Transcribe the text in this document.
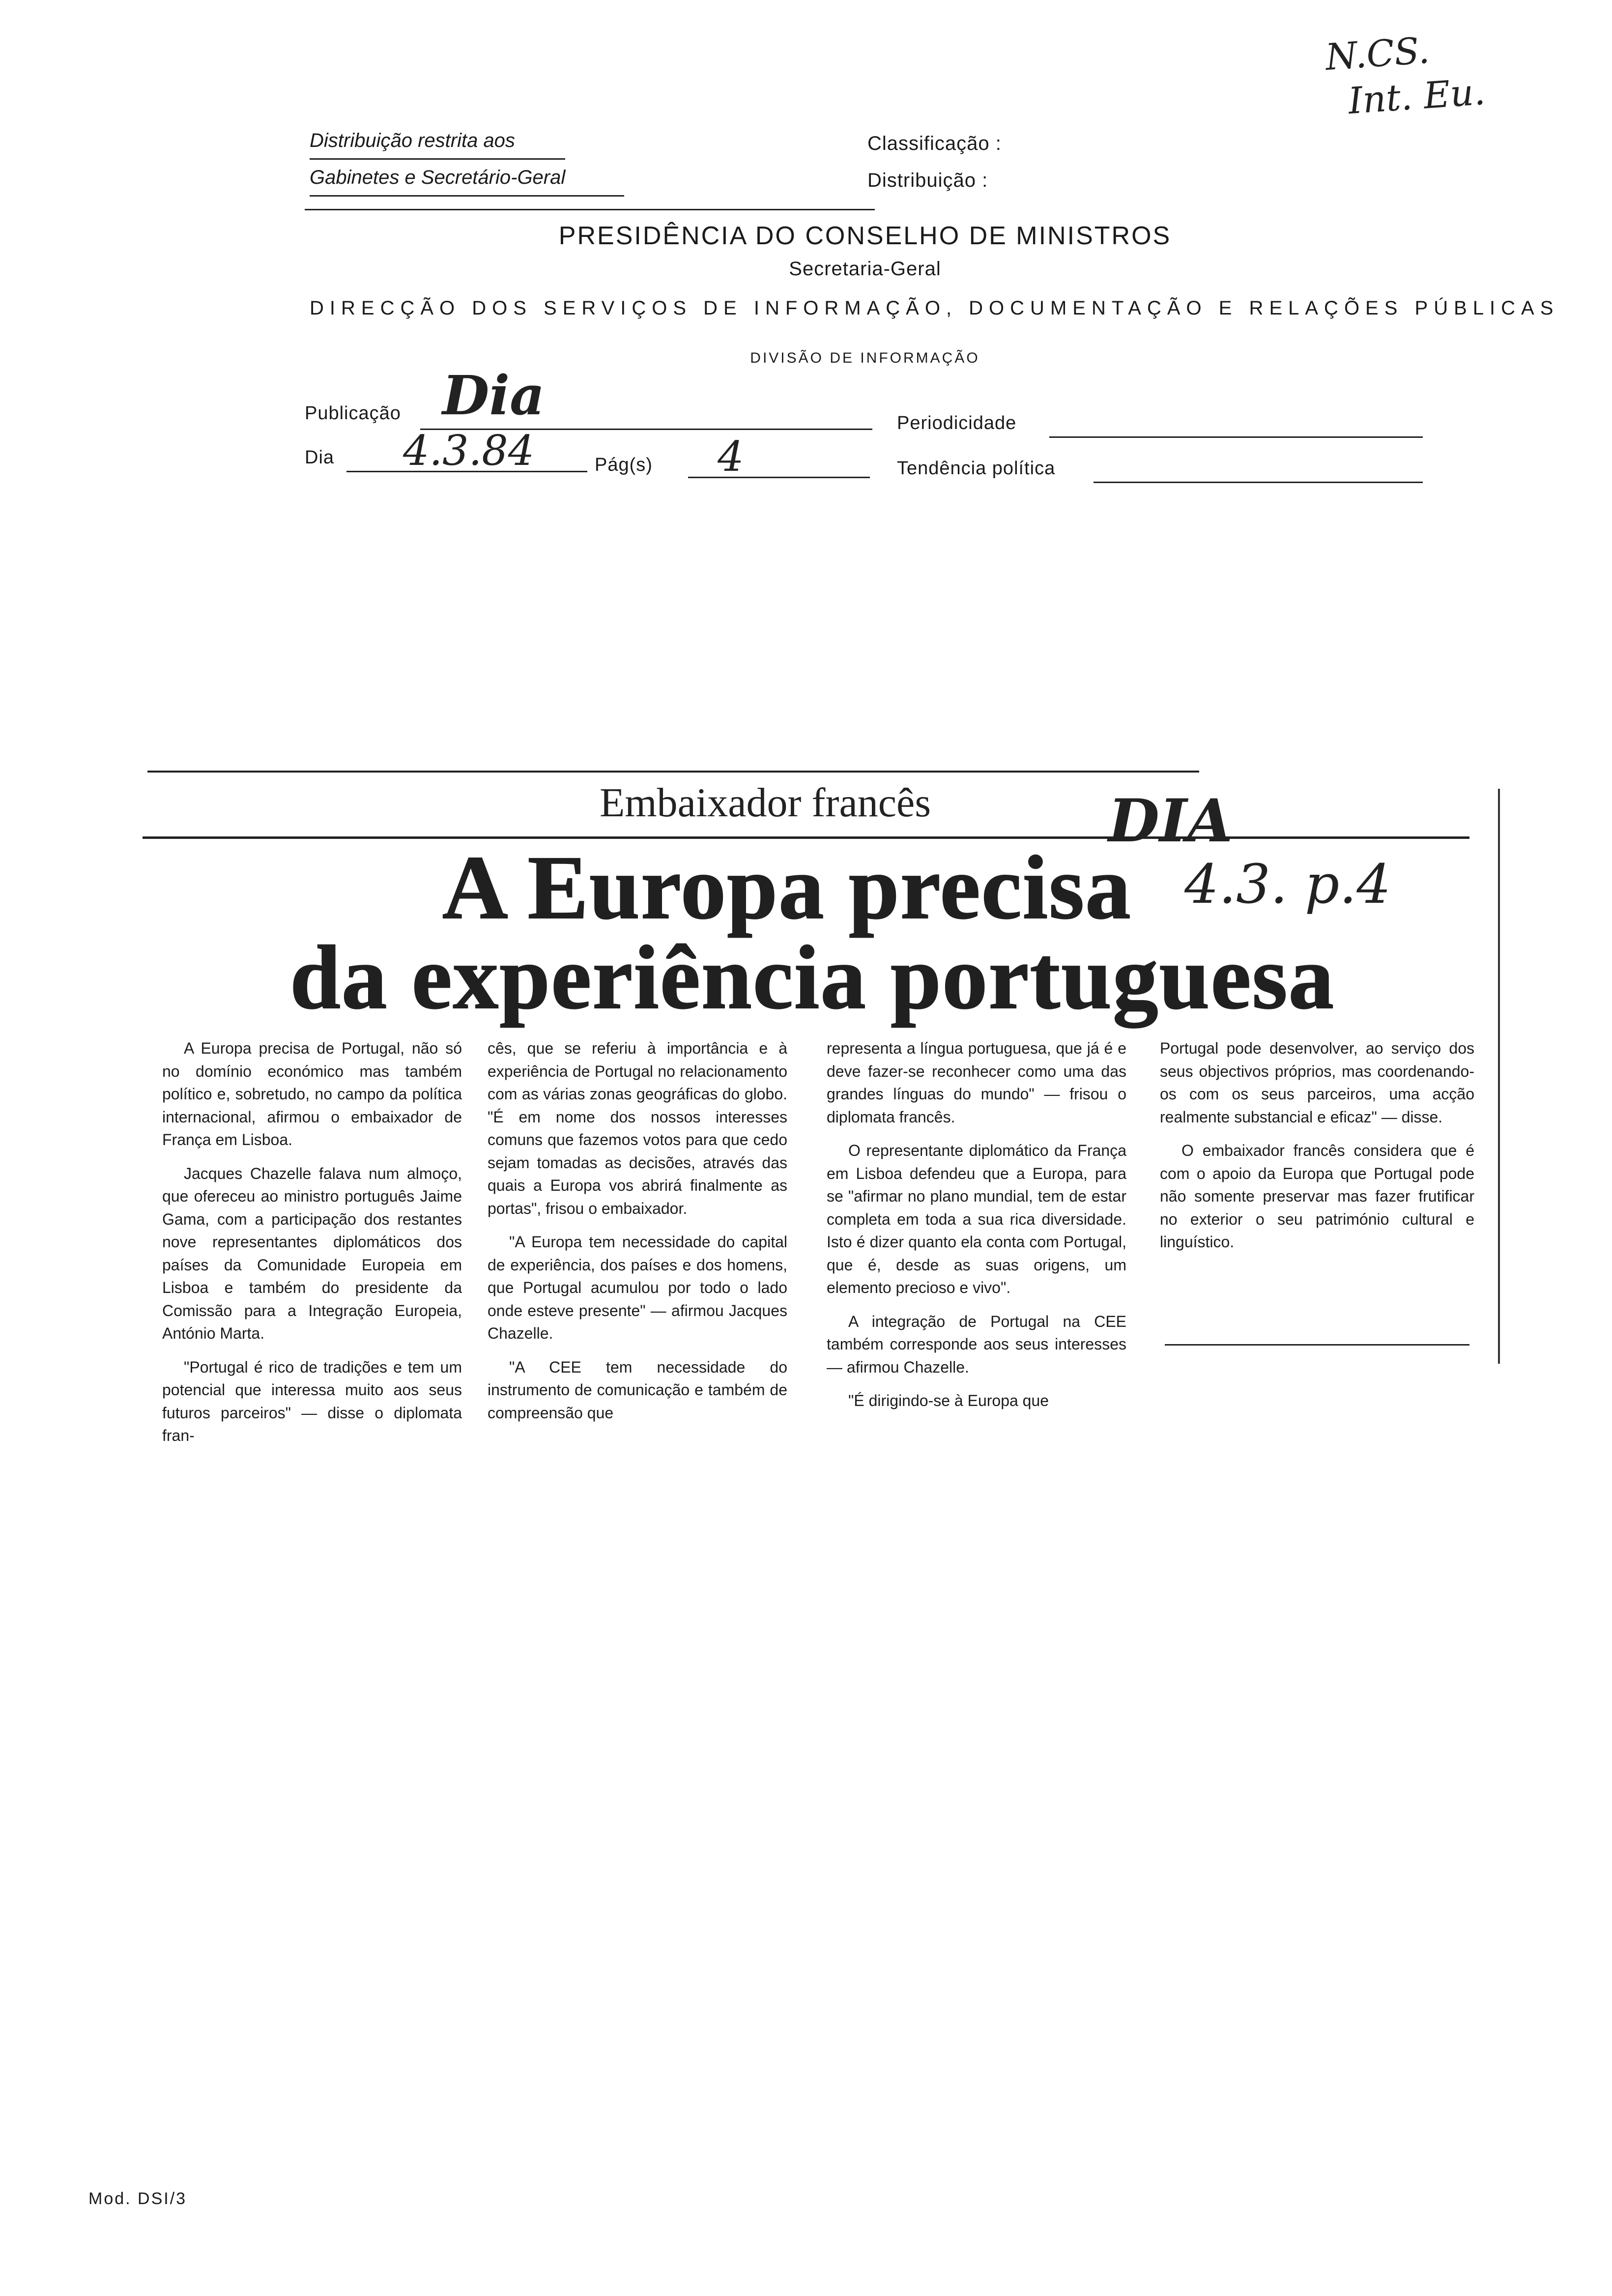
N.CS.
Int. Eu.
Distribuição restrita aos
Gabinetes e Secretário-Geral
Classificação :
Distribuição :
PRESIDÊNCIA DO CONSELHO DE MINISTROS
Secretaria-Geral
DIRECÇÃO DOS SERVIÇOS DE INFORMAÇÃO, DOCUMENTAÇÃO E RELAÇÕES PÚBLICAS
DIVISÃO DE INFORMAÇÃO
Publicação Dia	Periodicidade
Dia 4.3.84	Pág(s) 4	Tendência política
Embaixador francês
A Europa precisa
da experiência portuguesa
DIA
4.3. p.4

A Europa precisa de Portugal, não só no domínio económico mas também político e, sobretudo, no campo da política internacional, afirmou o embaixador de França em Lisboa.

Jacques Chazelle falava num almoço, que ofereceu ao ministro português Jaime Gama, com a participação dos restantes nove representantes diplomáticos dos países da Comunidade Europeia em Lisboa e também do presidente da Comissão para a Integração Europeia, António Marta.

"Portugal é rico de tradições e tem um potencial que interessa muito aos seus futuros parceiros" — disse o diplomata fran-

cês, que se referiu à importância e à experiência de Portugal no relacionamento com as várias zonas geográficas do globo. "É em nome dos nossos interesses comuns que fazemos votos para que cedo sejam tomadas as decisões, através das quais a Europa vos abrirá finalmente as portas", frisou o embaixador.

"A Europa tem necessidade do capital de experiência, dos países e dos homens, que Portugal acumulou por todo o lado onde esteve presente" — afirmou Jacques Chazelle.

"A CEE tem necessidade do instrumento de comunicação e também de compreensão que

representa a língua portuguesa, que já é e deve fazer-se reconhecer como uma das grandes línguas do mundo" — frisou o diplomata francês.

O representante diplomático da França em Lisboa defendeu que a Europa, para se "afirmar no plano mundial, tem de estar completa em toda a sua rica diversidade. Isto é dizer quanto ela conta com Portugal, que é, desde as suas origens, um elemento precioso e vivo".

A integração de Portugal na CEE também corresponde aos seus interesses — afirmou Chazelle.

"É dirigindo-se à Europa que

Portugal pode desenvolver, ao serviço dos seus objectivos próprios, mas coordenando-os com os seus parceiros, uma acção realmente substancial e eficaz" — disse.

O embaixador francês considera que é com o apoio da Europa que Portugal pode não somente preservar mas fazer frutificar no exterior o seu património cultural e linguístico.

Mod. DSI/3
